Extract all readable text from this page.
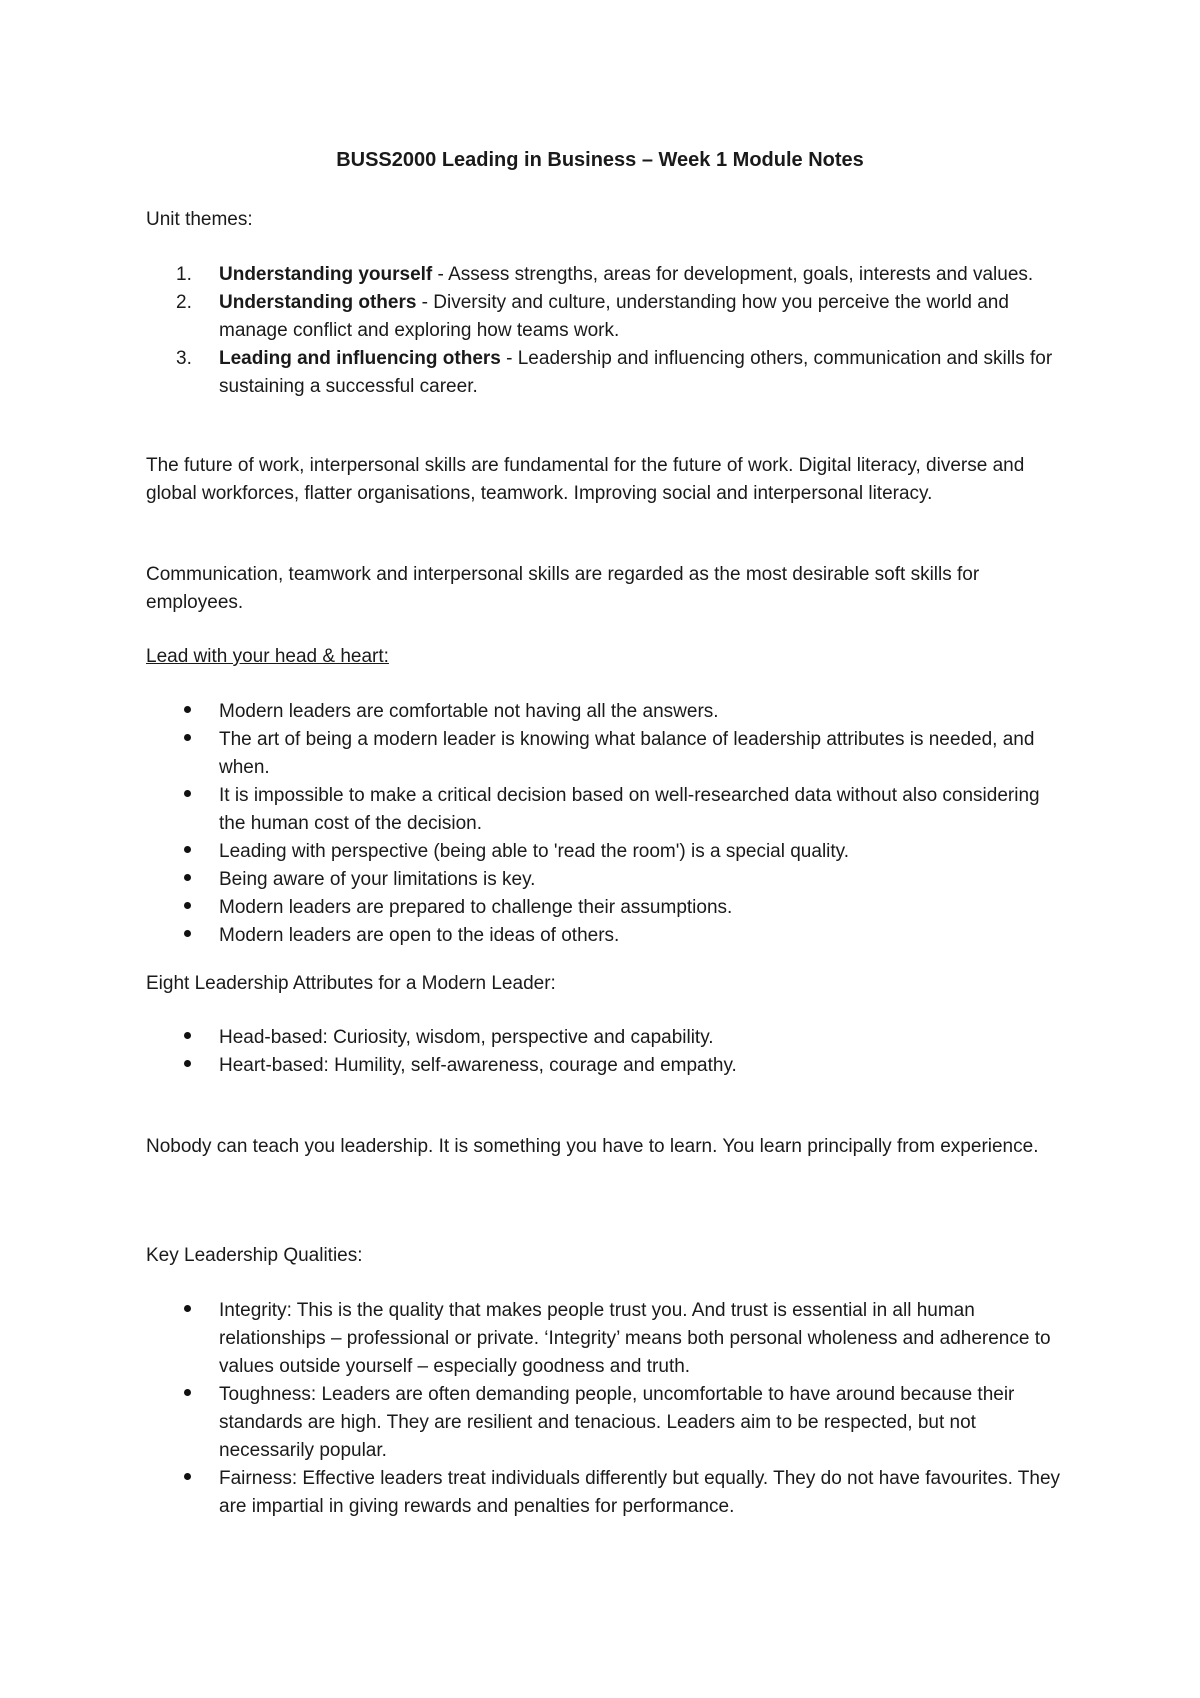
BUSS2000 Leading in Business – Week 1 Module Notes

Unit themes:

1.	Understanding yourself - Assess strengths, areas for development, goals, interests and values.
2.	Understanding others - Diversity and culture, understanding how you perceive the world and manage conflict and exploring how teams work.
3.	Leading and influencing others - Leadership and influencing others, communication and skills for sustaining a successful career.

The future of work, interpersonal skills are fundamental for the future of work. Digital literacy, diverse and global workforces, flatter organisations, teamwork. Improving social and interpersonal literacy.

Communication, teamwork and interpersonal skills are regarded as the most desirable soft skills for employees.

Lead with your head & heart:

Modern leaders are comfortable not having all the answers.
The art of being a modern leader is knowing what balance of leadership attributes is needed, and when.
It is impossible to make a critical decision based on well-researched data without also considering the human cost of the decision.
Leading with perspective (being able to 'read the room') is a special quality.
Being aware of your limitations is key.
Modern leaders are prepared to challenge their assumptions.
Modern leaders are open to the ideas of others.

Eight Leadership Attributes for a Modern Leader:

Head-based: Curiosity, wisdom, perspective and capability.
Heart-based: Humility, self-awareness, courage and empathy.

Nobody can teach you leadership. It is something you have to learn. You learn principally from experience.

Key Leadership Qualities:

Integrity: This is the quality that makes people trust you. And trust is essential in all human relationships – professional or private. ‘Integrity’ means both personal wholeness and adherence to values outside yourself – especially goodness and truth.
Toughness: Leaders are often demanding people, uncomfortable to have around because their standards are high. They are resilient and tenacious. Leaders aim to be respected, but not necessarily popular.
Fairness: Effective leaders treat individuals differently but equally. They do not have favourites. They are impartial in giving rewards and penalties for performance.
